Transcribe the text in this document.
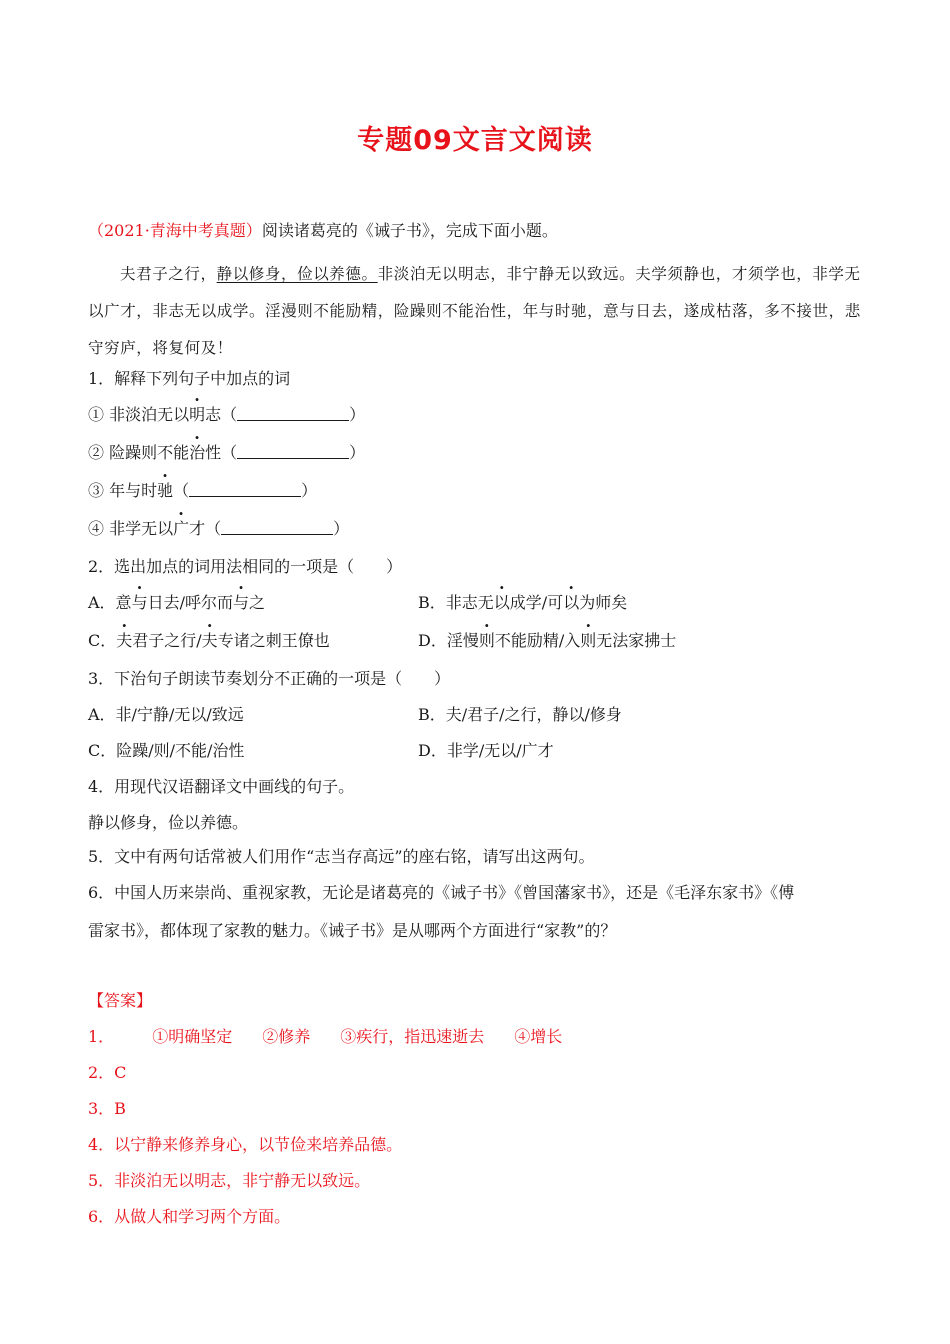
专题09文言文阅读
（2021·青海中考真题）阅读诸葛亮的《诫子书》，完成下面小题。
夫君子之行，静以修身，俭以养德。非淡泊无以明志，非宁静无以致远。夫学须静也，才须学也，非学无以广才，非志无以成学。淫漫则不能励精，险躁则不能治性，年与时驰，意与日去，遂成枯落，多不接世，悲守穷庐，将复何及！
1．解释下列句子中加点的词
① 非淡泊无以明志（	）
② 险躁则不能治性（	）
③ 年与时驰（	）
④ 非学无以广才（	）
2．选出加点的词用法相同的一项是（　　）
A．意与日去/呼尔而与之	B．非志无以成学/可以为师矣
C．夫君子之行/夫专诸之刺王僚也	D．淫慢则不能励精/入则无法家拂士
3．下治句子朗读节奏划分不正确的一项是（　　）
A．非/宁静/无以/致远	B．夫/君子/之行，静以/修身
C．险躁/则/不能/治性	D．非学/无以/广才
4．用现代汉语翻译文中画线的句子。
静以修身，俭以养德。
5．文中有两句话常被人们用作“志当存高远”的座右铭，请写出这两句。
6．中国人历来崇尚、重视家教，无论是诸葛亮的《诫子书》《曾国藩家书》，还是《毛泽东家书》《傅
雷家书》，都体现了家教的魅力。《诫子书》是从哪两个方面进行“家教”的？
【答案】
1． ①明确坚定 ②修养 ③疾行，指迅速逝去 ④增长
2．C
3．B
4．以宁静来修养身心，以节俭来培养品德。
5．非淡泊无以明志，非宁静无以致远。
6．从做人和学习两个方面。
